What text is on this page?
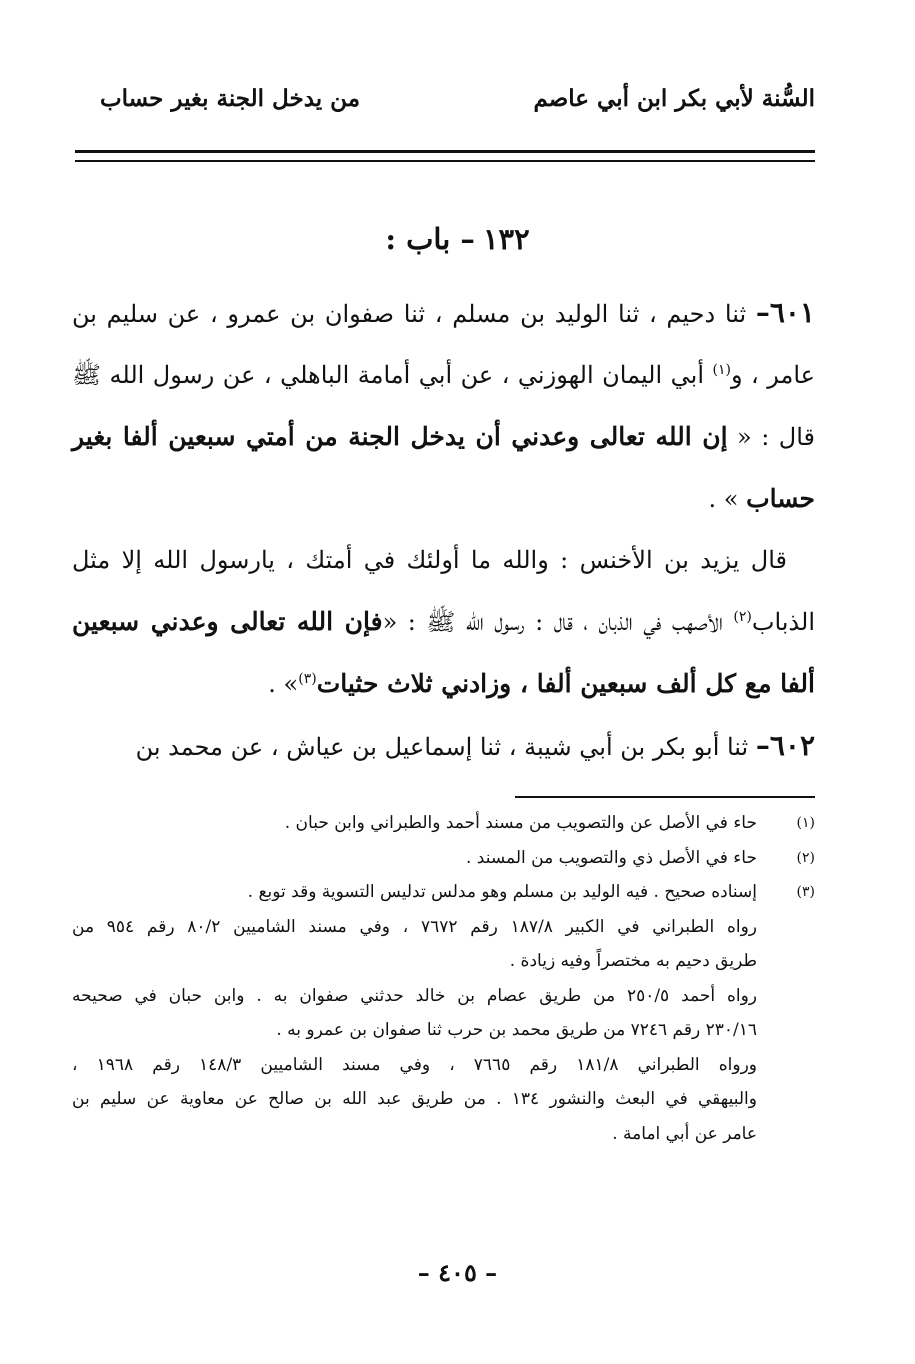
السُّنة لأبي بكر ابن أبي عاصم
من يدخل الجنة بغير حساب
١٣٢– باب :

٦٠١– ثنا دحيم ، ثنا الوليد بن مسلم ، ثنا صفوان بن عمرو ، عن سليم بن عامر ، و$^{(١)}$ أبي اليمان الهوزني ، عن أبي أمامة الباهلي ، عن رسول الله ﷺ قال : « إن الله تعالى وعدني أن يدخل الجنة من أمتي سبعين ألفا بغير حساب » .

قال يزيد بن الأخنس : والله ما أولئك في أمتك ، يارسول الله إلا مثل الذباب$^{(٢)}$ الأصهب في الذبان ، قال : رسول الله ﷺ : «فإن الله تعالى وعدني سبعين ألفا مع كل ألف سبعين ألفا ، وزادني ثلاث حثيات$^{(٣)}$» .

٦٠٢– ثنا أبو بكر بن أبي شيبة ، ثنا إسماعيل بن عياش ، عن محمد بن

(١)
حاء في الأصل عن والتصويب من مسند أحمد والطبراني وابن حبان .
(٢)
حاء في الأصل ذي والتصويب من المسند .
(٣)
إسناده صحيح . فيه الوليد بن مسلم وهو مدلس تدليس التسوية وقد توبع .
رواه الطبراني في الكبير ١٨٧/٨ رقم ٧٦٧٢ ، وفي مسند الشاميين ٨٠/٢ رقم ٩٥٤ من
طريق دحيم به مختصراً وفيه زيادة .
رواه أحمد ٢٥٠/٥ من طريق عصام بن خالد حدثني صفوان به . وابن حبان في صحيحه
٢٣٠/١٦ رقم ٧٢٤٦ من طريق محمد بن حرب ثنا صفوان بن عمرو به .
ورواه الطبراني ١٨١/٨ رقم ٧٦٦٥ ، وفي مسند الشاميين ١٤٨/٣ رقم ١٩٦٨ ،
والبيهقي في البعث والنشور ١٣٤ . من طريق عبد الله بن صالح عن معاوية عن سليم بن
عامر عن أبي امامة .
– ٤٠٥ –
